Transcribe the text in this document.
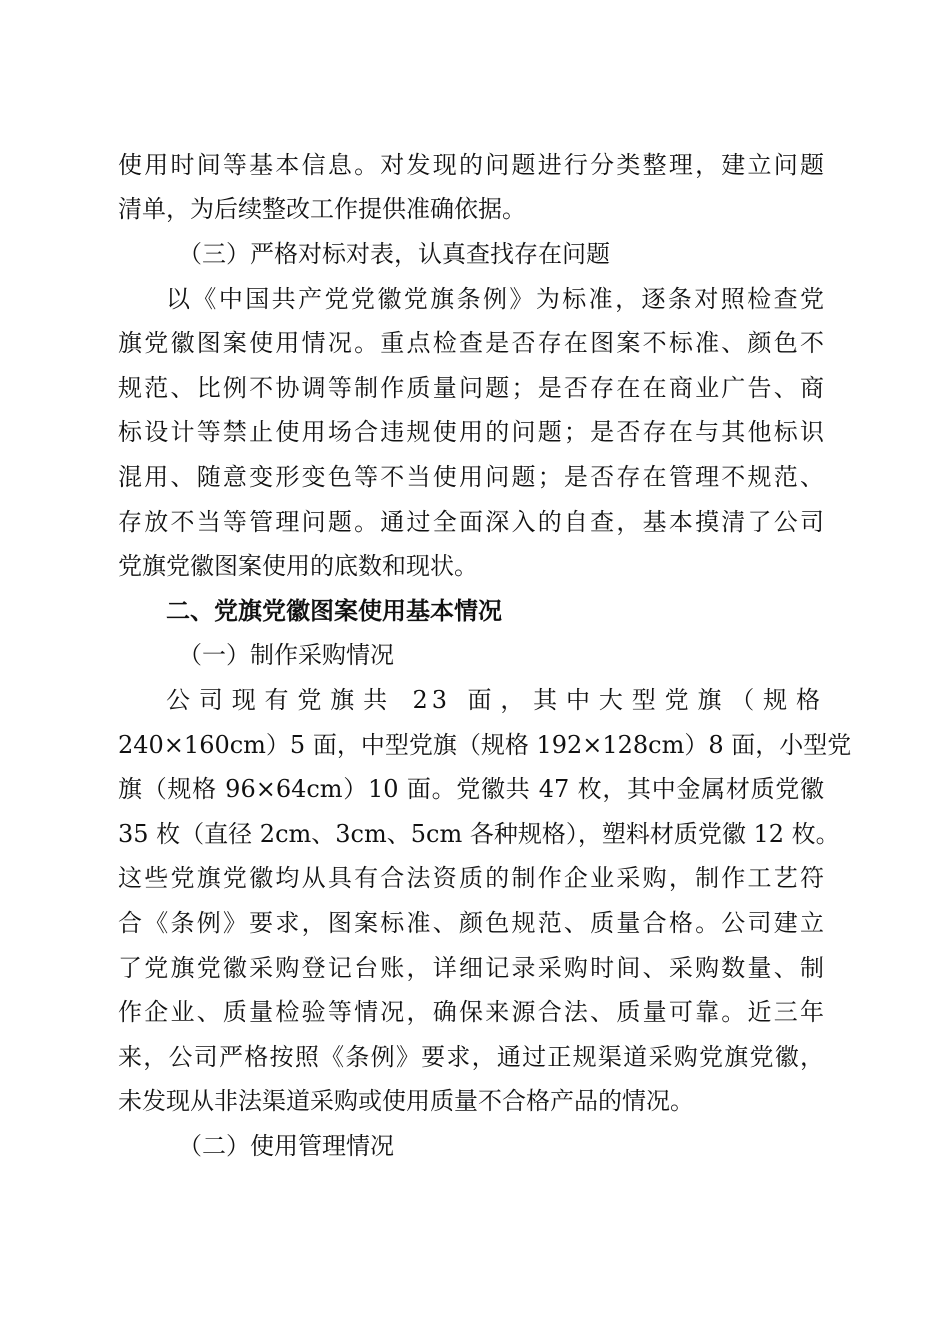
使用时间等基本信息。对发现的问题进行分类整理，建立问题
清单，为后续整改工作提供准确依据。
（三）严格对标对表，认真查找存在问题
以《中国共产党党徽党旗条例》为标准，逐条对照检查党
旗党徽图案使用情况。重点检查是否存在图案不标准、颜色不
规范、比例不协调等制作质量问题；是否存在在商业广告、商
标设计等禁止使用场合违规使用的问题；是否存在与其他标识
混用、随意变形变色等不当使用问题；是否存在管理不规范、
存放不当等管理问题。通过全面深入的自查，基本摸清了公司
党旗党徽图案使用的底数和现状。
二、党旗党徽图案使用基本情况
（一）制作采购情况
公司现有党旗共 23 面，其中大型党旗（规格
240×160cm）5 面，中型党旗（规格 192×128cm）8 面，小型党
旗（规格 96×64cm）10 面。党徽共 47 枚，其中金属材质党徽
35 枚（直径 2cm、3cm、5cm 各种规格），塑料材质党徽 12 枚。
这些党旗党徽均从具有合法资质的制作企业采购，制作工艺符
合《条例》要求，图案标准、颜色规范、质量合格。公司建立
了党旗党徽采购登记台账，详细记录采购时间、采购数量、制
作企业、质量检验等情况，确保来源合法、质量可靠。近三年
来，公司严格按照《条例》要求，通过正规渠道采购党旗党徽，
未发现从非法渠道采购或使用质量不合格产品的情况。
（二）使用管理情况
